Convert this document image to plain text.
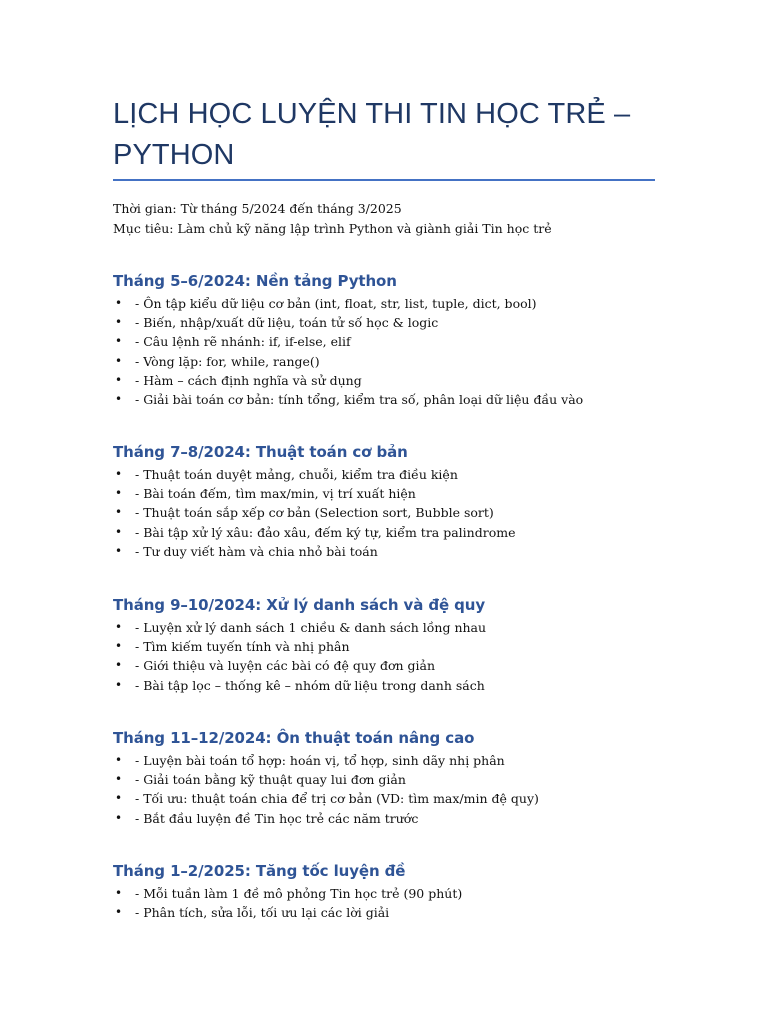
LỊCH HỌC LUYỆN THI TIN HỌC TRẺ – PYTHON

Thời gian: Từ tháng 5/2024 đến tháng 3/2025

Mục tiêu: Làm chủ kỹ năng lập trình Python và giành giải Tin học trẻ

Tháng 5–6/2024: Nền tảng Python
• - Ôn tập kiểu dữ liệu cơ bản (int, float, str, list, tuple, dict, bool)
• - Biến, nhập/xuất dữ liệu, toán tử số học & logic
• - Câu lệnh rẽ nhánh: if, if-else, elif
• - Vòng lặp: for, while, range()
• - Hàm – cách định nghĩa và sử dụng
• - Giải bài toán cơ bản: tính tổng, kiểm tra số, phân loại dữ liệu đầu vào
Tháng 7–8/2024: Thuật toán cơ bản
• - Thuật toán duyệt mảng, chuỗi, kiểm tra điều kiện
• - Bài toán đếm, tìm max/min, vị trí xuất hiện
• - Thuật toán sắp xếp cơ bản (Selection sort, Bubble sort)
• - Bài tập xử lý xâu: đảo xâu, đếm ký tự, kiểm tra palindrome
• - Tư duy viết hàm và chia nhỏ bài toán
Tháng 9–10/2024: Xử lý danh sách và đệ quy
• - Luyện xử lý danh sách 1 chiều & danh sách lồng nhau
• - Tìm kiếm tuyến tính và nhị phân
• - Giới thiệu và luyện các bài có đệ quy đơn giản
• - Bài tập lọc – thống kê – nhóm dữ liệu trong danh sách
Tháng 11–12/2024: Ôn thuật toán nâng cao
• - Luyện bài toán tổ hợp: hoán vị, tổ hợp, sinh dãy nhị phân
• - Giải toán bằng kỹ thuật quay lui đơn giản
• - Tối ưu: thuật toán chia để trị cơ bản (VD: tìm max/min đệ quy)
• - Bắt đầu luyện đề Tin học trẻ các năm trước
Tháng 1–2/2025: Tăng tốc luyện đề
• - Mỗi tuần làm 1 đề mô phỏng Tin học trẻ (90 phút)
• - Phân tích, sửa lỗi, tối ưu lại các lời giải
